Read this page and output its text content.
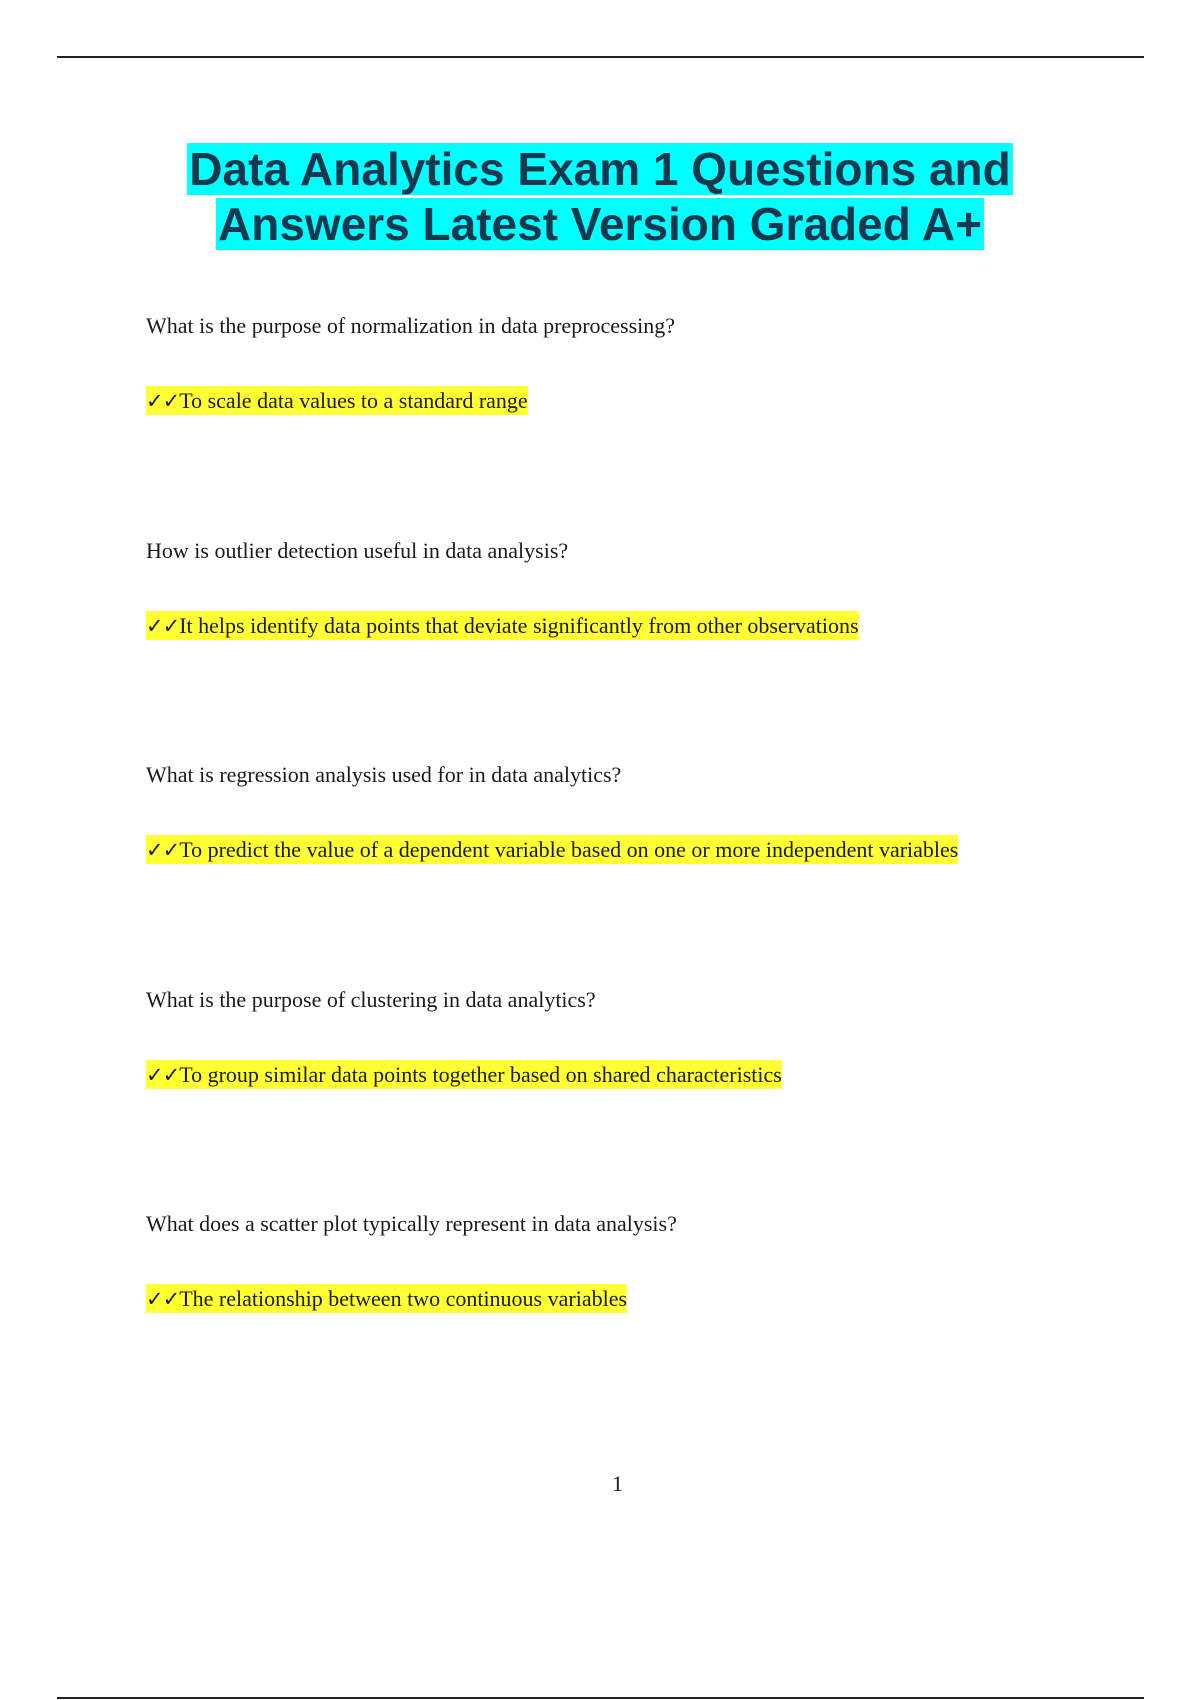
Data Analytics Exam 1 Questions and
Answers Latest Version Graded A+

What is the purpose of normalization in data preprocessing?

✓✓To scale data values to a standard range

How is outlier detection useful in data analysis?

✓✓It helps identify data points that deviate significantly from other observations

What is regression analysis used for in data analytics?

✓✓To predict the value of a dependent variable based on one or more independent variables

What is the purpose of clustering in data analytics?

✓✓To group similar data points together based on shared characteristics

What does a scatter plot typically represent in data analysis?

✓✓The relationship between two continuous variables
1
